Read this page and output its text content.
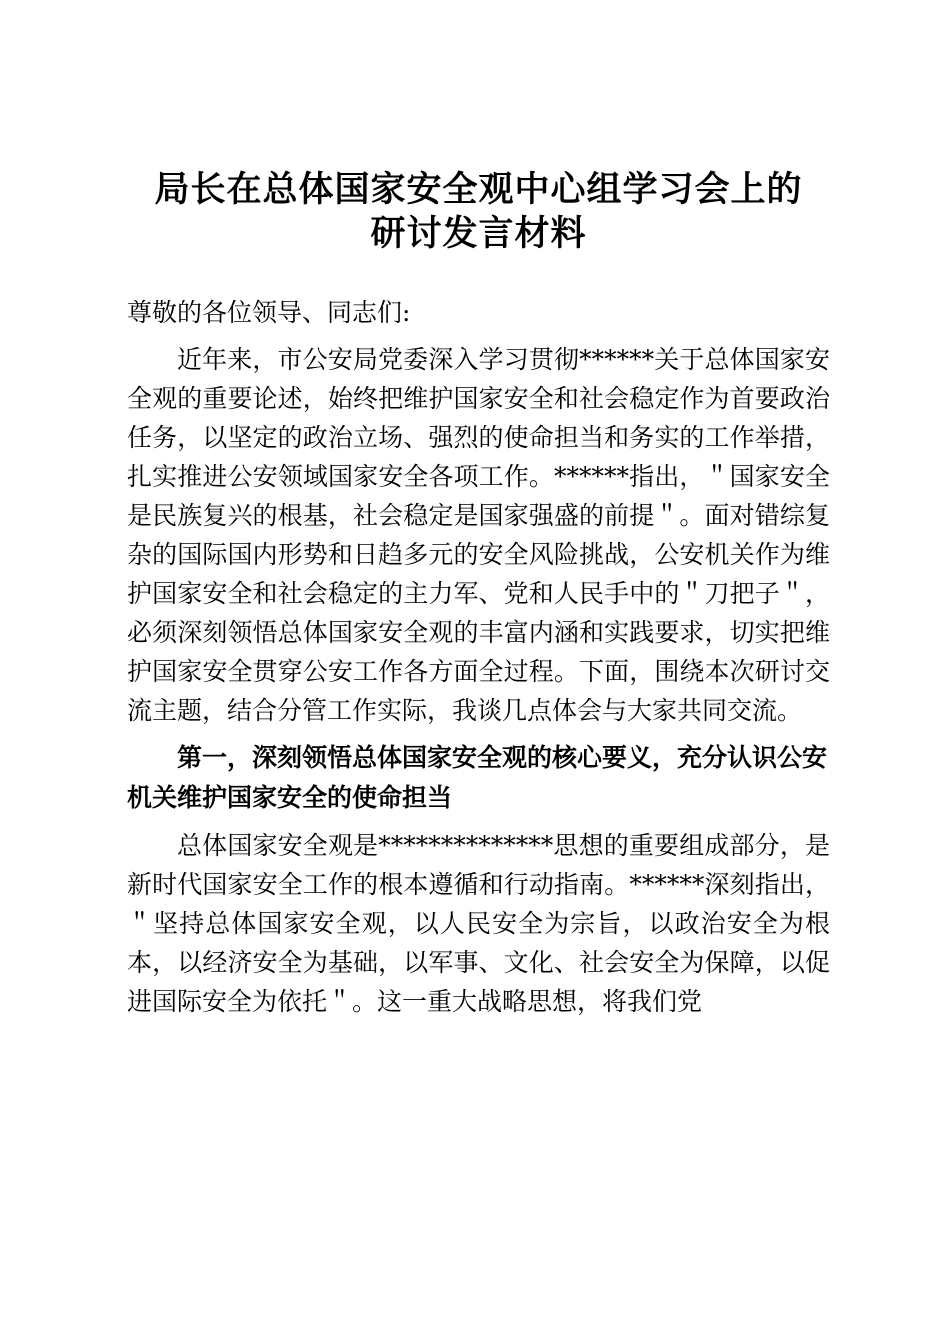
局长在总体国家安全观中心组学习会上的
研讨发言材料

尊敬的各位领导、同志们:

近年来，市公安局党委深入学习贯彻******关于总体国家安全观的重要论述，始终把维护国家安全和社会稳定作为首要政治任务，以坚定的政治立场、强烈的使命担当和务实的工作举措，扎实推进公安领域国家安全各项工作。******指出，＂国家安全是民族复兴的根基，社会稳定是国家强盛的前提＂。面对错综复杂的国际国内形势和日趋多元的安全风险挑战，公安机关作为维护国家安全和社会稳定的主力军、党和人民手中的＂刀把子＂，必须深刻领悟总体国家安全观的丰富内涵和实践要求，切实把维护国家安全贯穿公安工作各方面全过程。下面，围绕本次研讨交流主题，结合分管工作实际，我谈几点体会与大家共同交流。

第一，深刻领悟总体国家安全观的核心要义，充分认识公安机关维护国家安全的使命担当

总体国家安全观是**************思想的重要组成部分，是新时代国家安全工作的根本遵循和行动指南。******深刻指出，＂坚持总体国家安全观，以人民安全为宗旨，以政治安全为根本，以经济安全为基础，以军事、文化、社会安全为保障，以促进国际安全为依托＂。这一重大战略思想，将我们党
